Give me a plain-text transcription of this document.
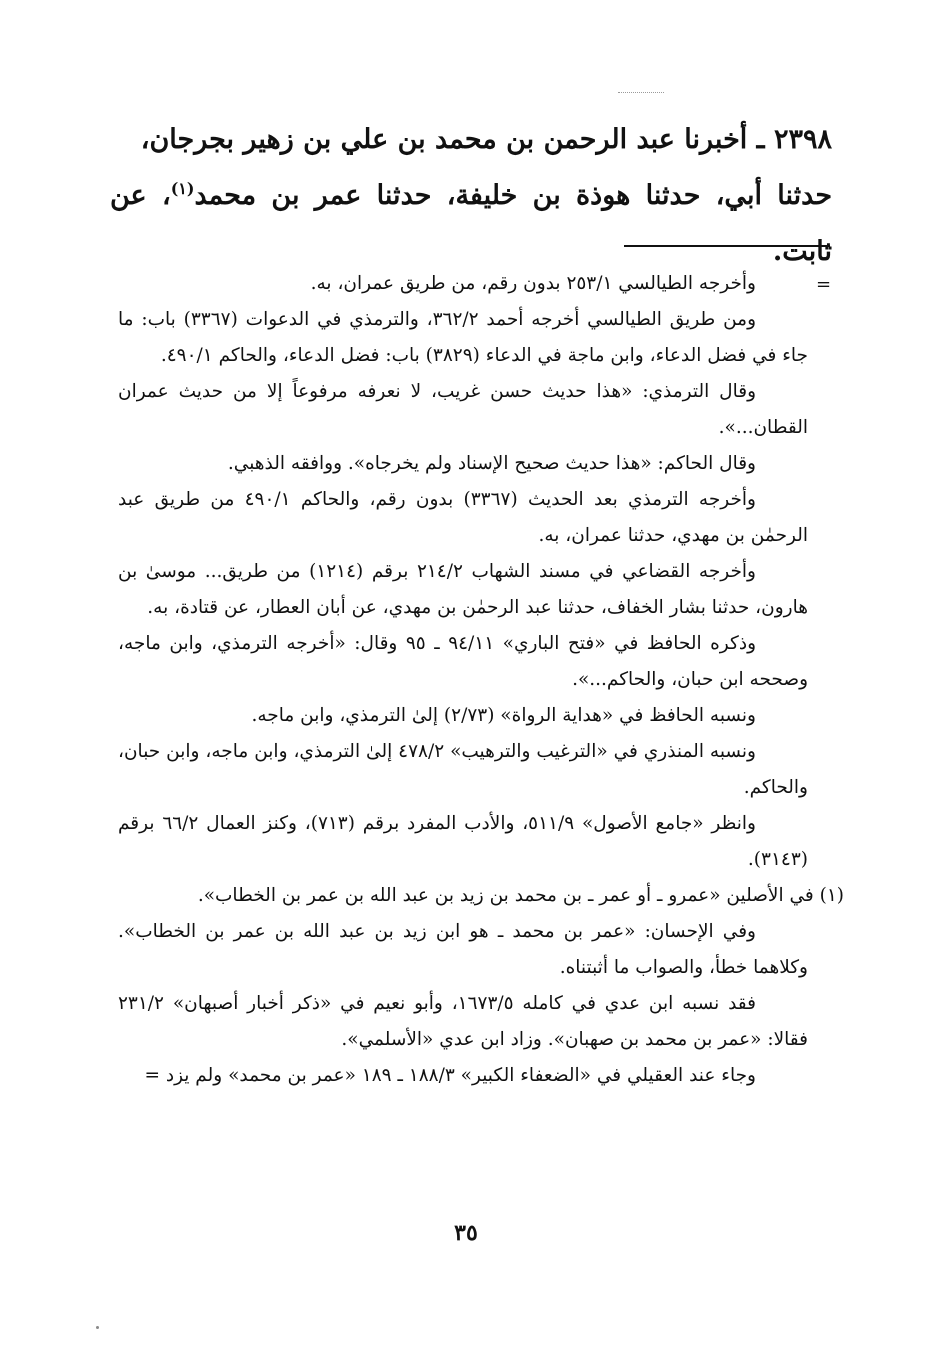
٢٣٩٨ ـ أخبرنا عبد الرحمن بن محمد بن علي بن زهير بجرجان،

حدثنا أبي، حدثنا هوذة بن خليفة، حدثنا عمر بن محمد$^{(١)}$، عن ثابت.

=

وأخرجه الطيالسي ٢٥٣/١ بدون رقم، من طريق عمران، به.

ومن طريق الطيالسي أخرجه أحمد ٣٦٢/٢، والترمذي في الدعوات (٣٣٦٧) باب: ما جاء في فضل الدعاء، وابن ماجة في الدعاء (٣٨٢٩) باب: فضل الدعاء، والحاكم ٤٩٠/١.

وقال الترمذي: «هذا حديث حسن غريب، لا نعرفه مرفوعاً إلا من حديث عمران القطان...».

وقال الحاكم: «هذا حديث صحيح الإسناد ولم يخرجاه». ووافقه الذهبي.

وأخرجه الترمذي بعد الحديث (٣٣٦٧) بدون رقم، والحاكم ٤٩٠/١ من طريق عبد الرحمٰن بن مهدي، حدثنا عمران، به.

وأخرجه القضاعي في مسند الشهاب ٢١٤/٢ برقم (١٢١٤) من طريق... موسىٰ بن هارون، حدثنا بشار الخفاف، حدثنا عبد الرحمٰن بن مهدي، عن أبان العطار، عن قتادة، به.

وذكره الحافظ في «فتح الباري» ٩٤/١١ ـ ٩٥ وقال: «أخرجه الترمذي، وابن ماجه، وصححه ابن حبان، والحاكم...».

ونسبه الحافظ في «هداية الرواة» (٢/٧٣) إلىٰ الترمذي، وابن ماجه.

ونسبه المنذري في «الترغيب والترهيب» ٤٧٨/٢ إلىٰ الترمذي، وابن ماجه، وابن حبان، والحاكم.

وانظر «جامع الأصول» ٥١١/٩، والأدب المفرد برقم (٧١٣)، وكنز العمال ٦٦/٢ برقم (٣١٤٣).

(١) في الأصلين «عمرو ـ أو عمر ـ بن محمد بن زيد بن عبد الله بن عمر بن الخطاب».

وفي الإحسان: «عمر بن محمد ـ هو ابن زيد بن عبد الله بن عمر بن الخطاب». وكلاهما خطأ، والصواب ما أثبتناه.

فقد نسبه ابن عدي في كامله ١٦٧٣/٥، وأبو نعيم في «ذكر أخبار أصبهان» ٢٣١/٢ فقالا: «عمر بن محمد بن صهبان». وزاد ابن عدي «الأسلمي».

وجاء عند العقيلي في «الضعفاء الكبير» ١٨٨/٣ ـ ١٨٩ «عمر بن محمد» ولم يزد =

٣٥
